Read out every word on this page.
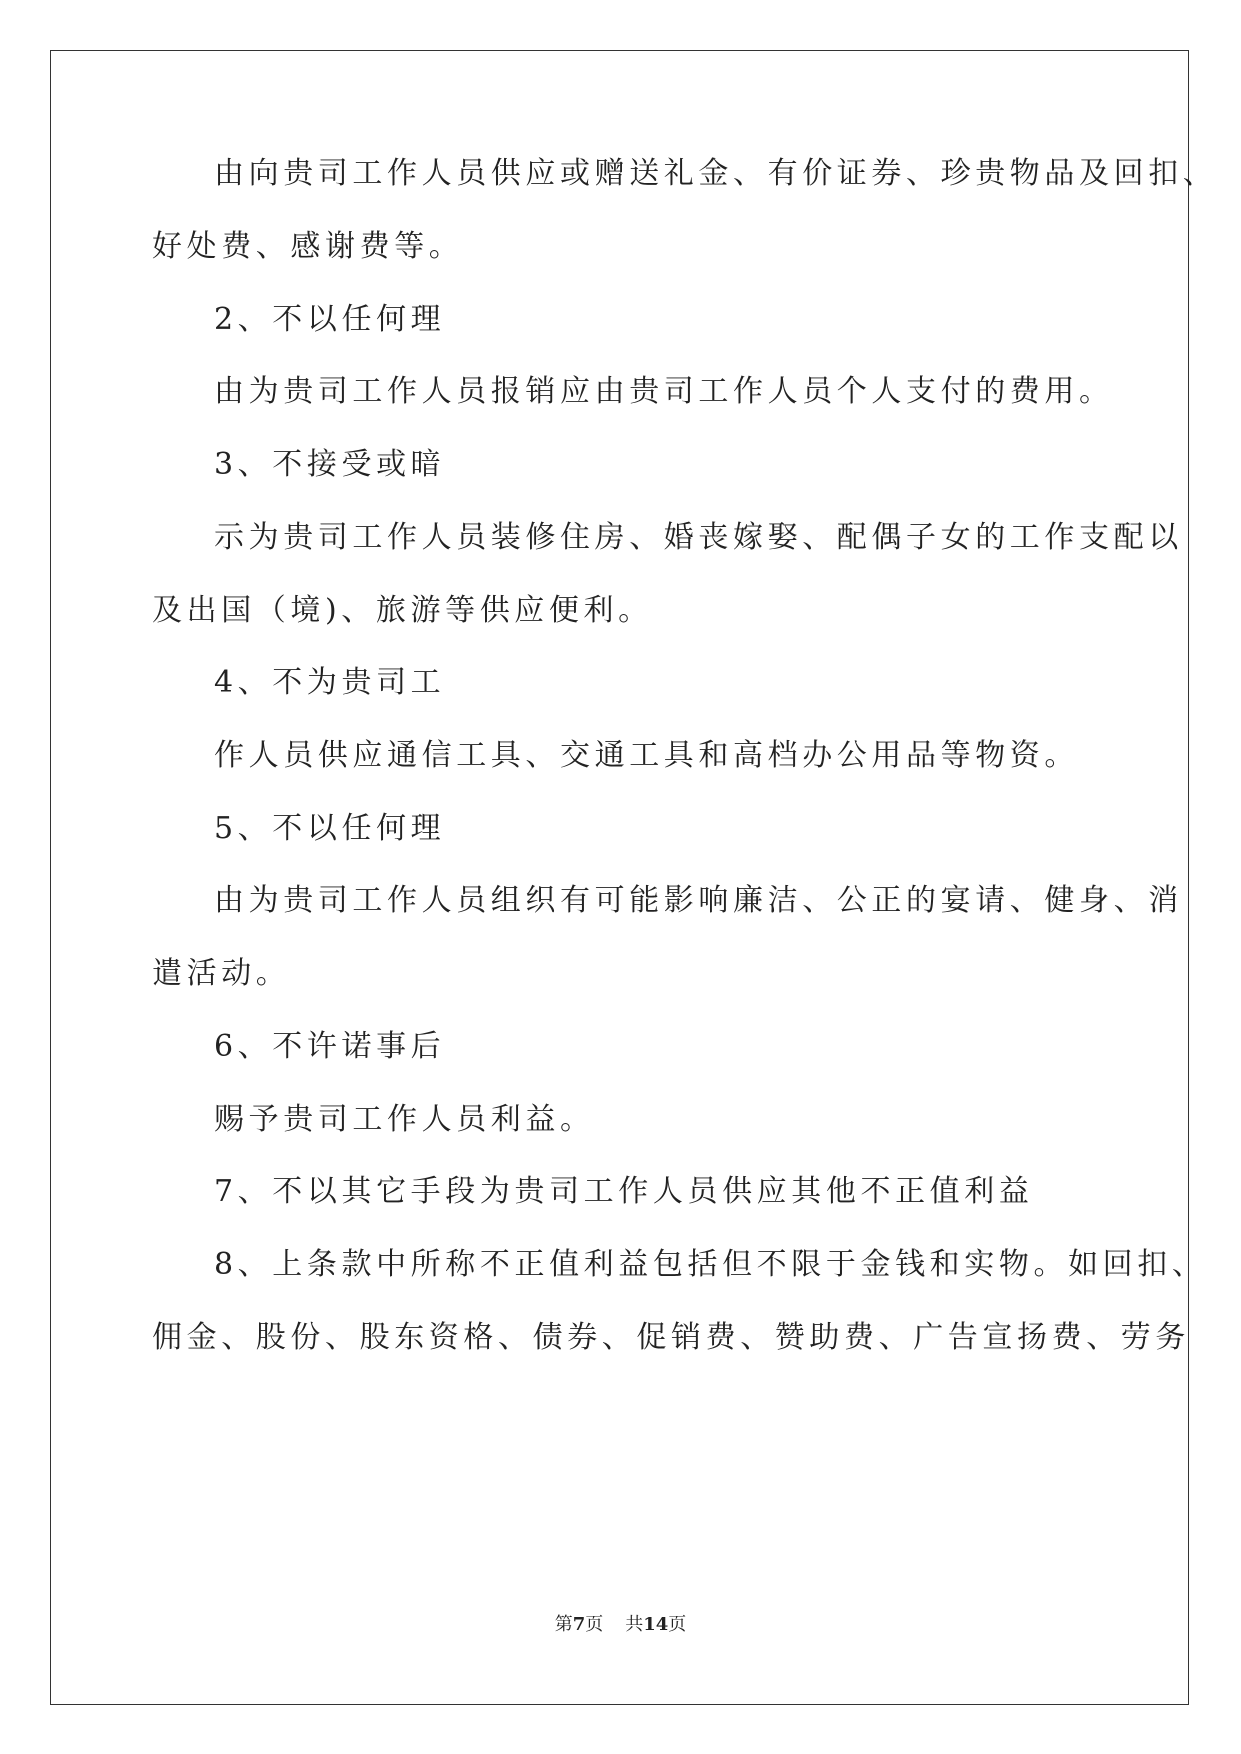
由向贵司工作人员供应或赠送礼金、有价证券、珍贵物品及回扣、
好处费、感谢费等。
2、不以任何理
由为贵司工作人员报销应由贵司工作人员个人支付的费用。
3、不接受或暗
示为贵司工作人员装修住房、婚丧嫁娶、配偶子女的工作支配以
及出国（境)、旅游等供应便利。
4、不为贵司工
作人员供应通信工具、交通工具和高档办公用品等物资。
5、不以任何理
由为贵司工作人员组织有可能影响廉洁、公正的宴请、健身、消
遣活动。
6、不许诺事后
赐予贵司工作人员利益。
7、不以其它手段为贵司工作人员供应其他不正值利益
8、上条款中所称不正值利益包括但不限于金钱和实物。如回扣、
佣金、股份、股东资格、债券、促销费、赞助费、广告宣扬费、劳务
第7页 共14页
